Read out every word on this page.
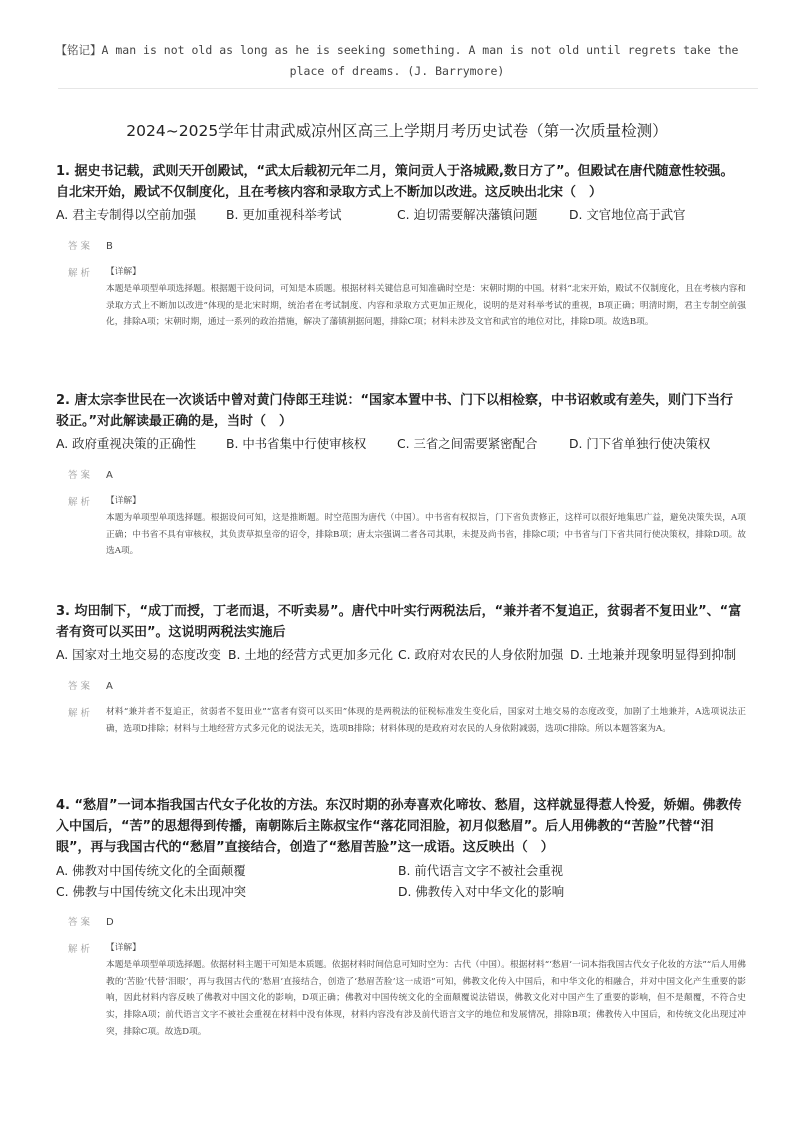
【铭记】A man is not old as long as he is seeking something. A man is not old until regrets take the place of dreams. (J. Barrymore)
2024~2025学年甘肃武威凉州区高三上学期月考历史试卷（第一次质量检测）
1. 据史书记载，武则天开创殿试，“武太后载初元年二月，策问贡人于洛城殿,数日方了”。但殿试在唐代随意性较强。自北宋开始，殿试不仅制度化，且在考核内容和录取方式上不断加以改进。这反映出北宋（　）
A. 君主专制得以空前加强 B. 更加重视科举考试	C. 迫切需要解决藩镇问题	D. 文官地位高于武官
答案 B
解析 【详解】
本题是单项型单项选择题。根据题干设问词，可知是本质题。根据材料关键信息可知准确时空是：宋朝时期的中国。材料“北宋开始，殿试不仅制度化，且在考核内容和录取方式上不断加以改进”体现的是北宋时期，统治者在考试制度、内容和录取方式更加正规化，说明的是对科举考试的重视，B项正确；明清时期，君主专制空前强化，排除A项；宋朝时期，通过一系列的政治措施，解决了藩镇割据问题，排除C项；材料未涉及文官和武官的地位对比，排除D项。故选B项。
2. 唐太宗李世民在一次谈话中曾对黄门侍郎王珪说：“国家本置中书、门下以相检察，中书诏敕或有差失，则门下当行驳正。”对此解读最正确的是，当时（　）
A. 政府重视决策的正确性 B. 中书省集中行使审核权 C. 三省之间需要紧密配合	D. 门下省单独行使决策权
答案 A
解析 【详解】
本题为单项型单项选择题。根据设问可知，这是推断题。时空范围为唐代（中国）。中书省有权拟旨，门下省负责修正，这样可以很好地集思广益，避免决策失误，A项正确；中书省不具有审核权，其负责草拟皇帝的诏令，排除B项；唐太宗强调二者各司其职，未提及尚书省，排除C项；中书省与门下省共同行使决策权，排除D项。故选A项。
3. 均田制下，“成丁而授，丁老而退，不听卖易”。唐代中叶实行两税法后，“兼并者不复追正，贫弱者不复田业”、“富者有资可以买田”。这说明两税法实施后
A. 国家对土地交易的态度改变 B. 土地的经营方式更加多元化 C. 政府对农民的人身依附加强 D. 土地兼并现象明显得到抑制
答案 A
解析 材料“兼并者不复追正，贫弱者不复田业”“富者有资可以买田”体现的是两税法的征税标准发生变化后，国家对土地交易的态度改变，加剧了土地兼并，A选项说法正确，选项D排除；材料与土地经营方式多元化的说法无关，选项B排除；材料体现的是政府对农民的人身依附减弱，选项C排除。所以本题答案为A。
4. “愁眉”一词本指我国古代女子化妆的方法。东汉时期的孙寿喜欢化啼妆、愁眉，这样就显得惹人怜爱，娇媚。佛教传入中国后，“苦”的思想得到传播，南朝陈后主陈叔宝作“落花同泪脸，初月似愁眉”。后人用佛教的“苦脸”代替“泪眼”，再与我国古代的“愁眉”直接结合，创造了“愁眉苦脸”这一成语。这反映出（　）
A. 佛教对中国传统文化的全面颠覆	B. 前代语言文字不被社会重视
C. 佛教与中国传统文化未出现冲突	D. 佛教传入对中华文化的影响
答案 D
解析 【详解】
本题是单项型单项选择题。依据材料主题干可知是本质题。依据材料时间信息可知时空为：古代（中国）。根据材料“‘愁眉’一词本指我国古代女子化妆的方法”“后人用佛教的‘苦脸’代替‘泪眼’，再与我国古代的‘愁眉’直接结合，创造了‘愁眉苦脸’这一成语”可知，佛教文化传入中国后，和中华文化的相融合，并对中国文化产生重要的影响，因此材料内容反映了佛教对中国文化的影响，D项正确；佛教对中国传统文化的全面颠覆说法错误，佛教文化对中国产生了重要的影响，但不是颠覆，不符合史实，排除A项；前代语言文字不被社会重视在材料中没有体现，材料内容没有涉及前代语言文字的地位和发展情况，排除B项；佛教传入中国后，和传统文化出现过冲突，排除C项。故选D项。
